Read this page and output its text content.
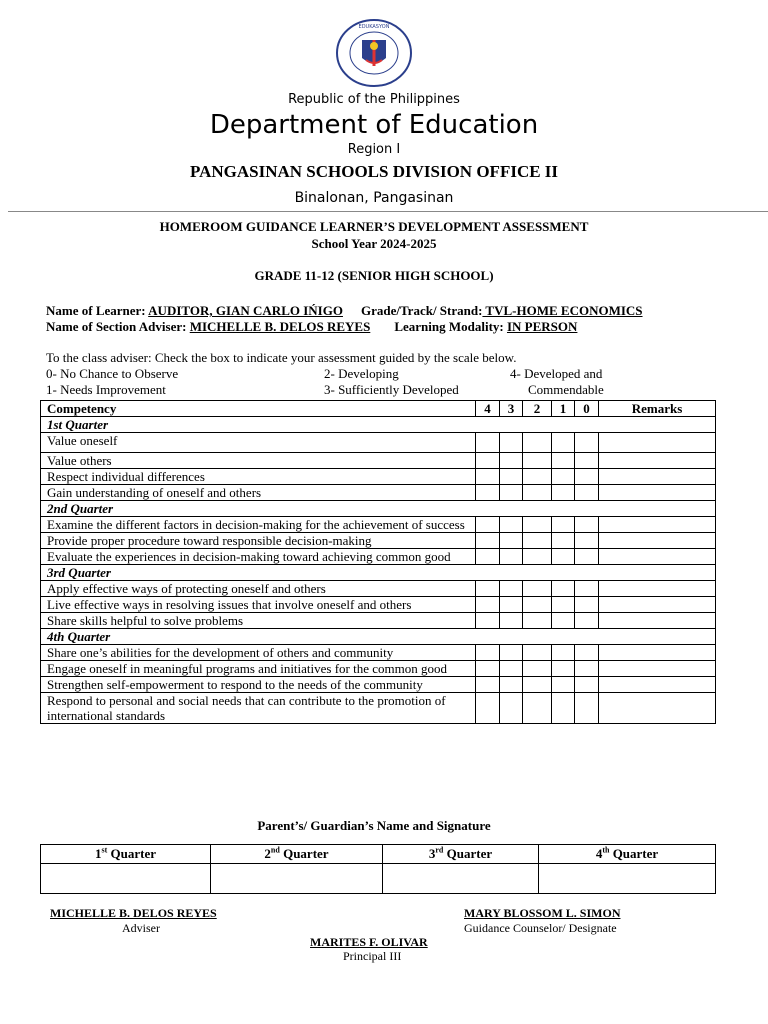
EDUKASYON
Republic of the Philippines
Department of Education
Region I
PANGASINAN SCHOOLS DIVISION OFFICE II
Binalonan, Pangasinan
HOMEROOM GUIDANCE LEARNER’S DEVELOPMENT ASSESSMENT
School Year 2024-2025
GRADE 11-12 (SENIOR HIGH SCHOOL)
Name of Learner: AUDITOR, GIAN CARLO IŃIGO Grade/Track/ Strand: TVL-HOME ECONOMICS
Name of Section Adviser: MICHELLE B. DELOS REYES Learning Modality: IN PERSON
To the class adviser: Check the box to indicate your assessment guided by the scale below.
0- No Chance to Observe
1- Needs Improvement
2- Developing
3- Sufficiently Developed
4- Developed and
Commendable
Competency	4	3	2	1	0	Remarks
1st Quarter						
Value oneself						
Value others						
Respect individual differences						
Gain understanding of oneself and others						
2nd Quarter						
Examine the different factors in decision-making for the achievement of success						
Provide proper procedure toward responsible decision-making						
Evaluate the experiences in decision-making toward achieving common good						
3rd Quarter						
Apply effective ways of protecting oneself and others						
Live effective ways in resolving issues that involve oneself and others						
Share skills helpful to solve problems						
4th Quarter						
Share one’s abilities for the development of others and community						
Engage oneself in meaningful programs and initiatives for the common good						
Strengthen self-empowerment to respond to the needs of the community						
Respond to personal and social needs that can contribute to the promotion of international standards						
Parent’s/ Guardian’s Name and Signature
1st Quarter	2nd Quarter	3rd Quarter	4th Quarter

MICHELLE B. DELOS REYES
Adviser
MARY BLOSSOM L. SIMON
Guidance Counselor/ Designate
MARITES F. OLIVAR
Principal III
